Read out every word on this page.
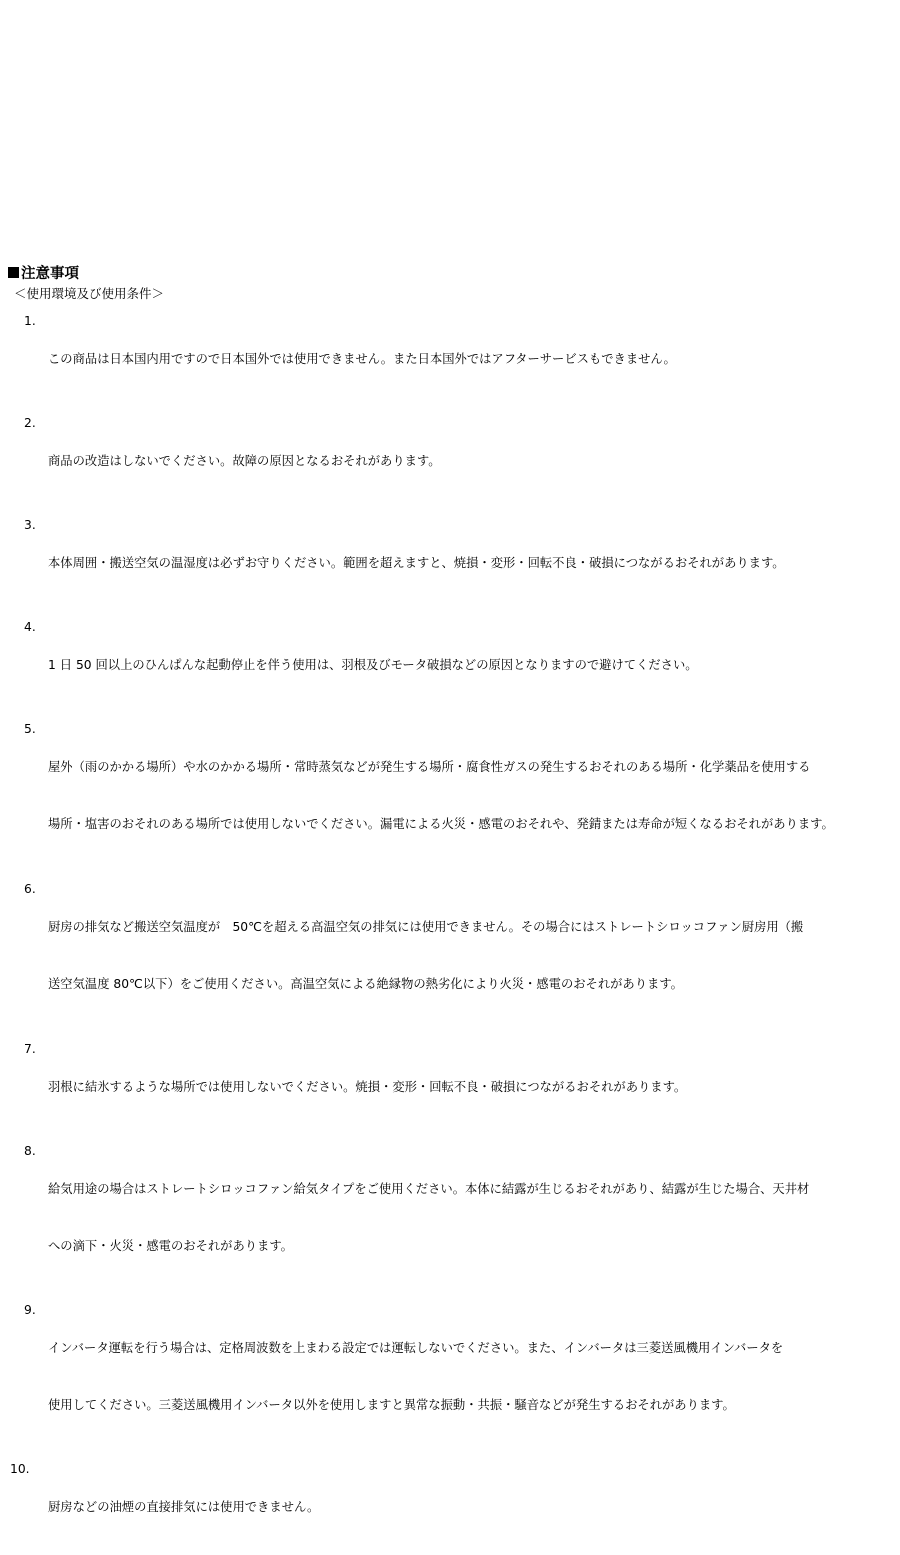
注意事項
＜使用環境及び使用条件＞
1.

この商品は日本国内用ですので日本国外では使用できません。また日本国外ではアフターサービスもできません。

2.

商品の改造はしないでください。故障の原因となるおそれがあります。

3.

本体周囲・搬送空気の温湿度は必ずお守りください。範囲を超えますと、焼損・変形・回転不良・破損につながるおそれがあります。

4.

1 日 50 回以上のひんぱんな起動停止を伴う使用は、羽根及びモータ破損などの原因となりますので避けてください。

5.

屋外（雨のかかる場所）や水のかかる場所・常時蒸気などが発生する場所・腐食性ガスの発生するおそれのある場所・化学薬品を使用する

場所・塩害のおそれのある場所では使用しないでください。漏電による火災・感電のおそれや、発錆または寿命が短くなるおそれがあります。

6.

厨房の排気など搬送空気温度が　50℃を超える高温空気の排気には使用できません。その場合にはストレートシロッコファン厨房用（搬

送空気温度 80℃以下）をご使用ください。高温空気による絶縁物の熱劣化により火災・感電のおそれがあります。

7.

羽根に結氷するような場所では使用しないでください。焼損・変形・回転不良・破損につながるおそれがあります。

8.

給気用途の場合はストレートシロッコファン給気タイプをご使用ください。本体に結露が生じるおそれがあり、結露が生じた場合、天井材

への滴下・火災・感電のおそれがあります。

9.

インバータ運転を行う場合は、定格周波数を上まわる設定では運転しないでください。また、インバータは三菱送風機用インバータを

使用してください。三菱送風機用インバータ以外を使用しますと異常な振動・共振・騒音などが発生するおそれがあります。

10.

厨房などの油煙の直接排気には使用できません。
